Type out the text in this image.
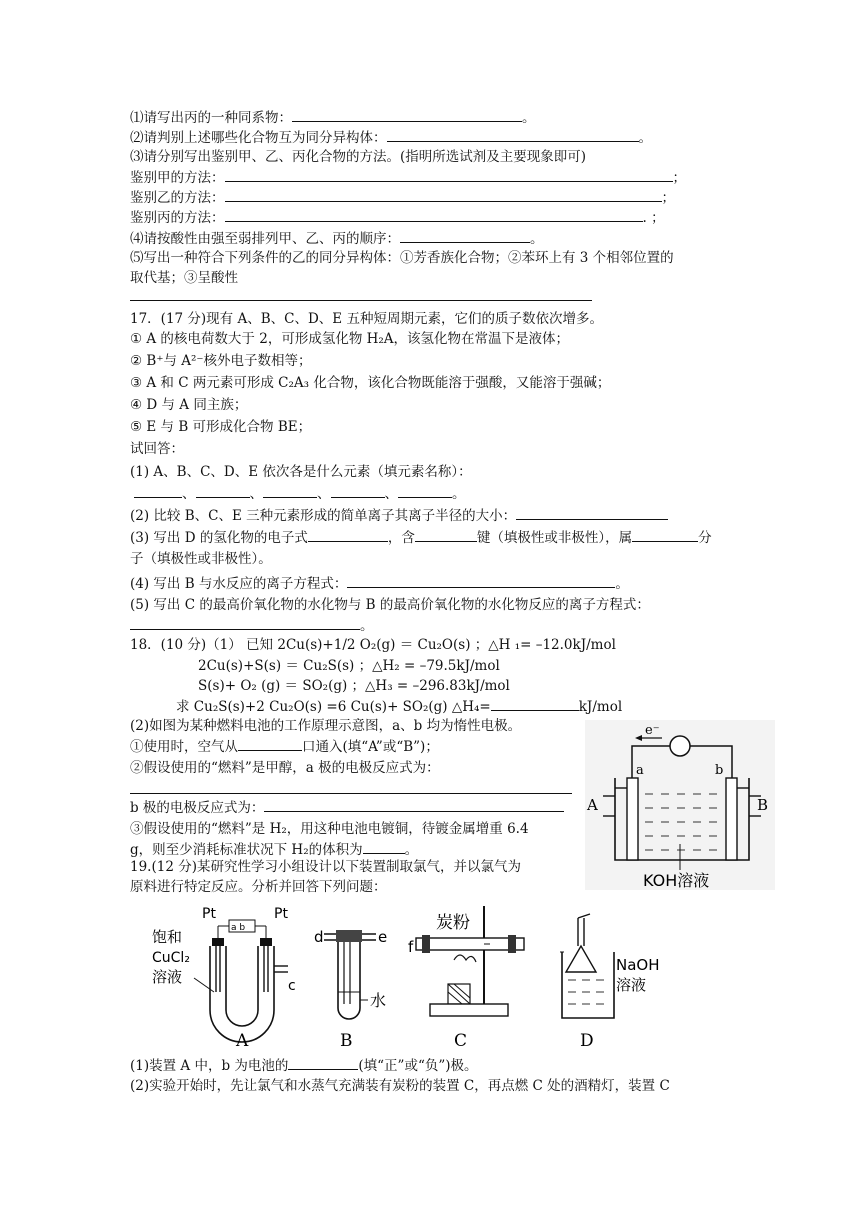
⑴请写出丙的一种同系物：	。
⑵请判别上述哪些化合物互为同分异构体：	。
⑶请分别写出鉴别甲、乙、丙化合物的方法。(指明所选试剂及主要现象即可)
鉴别甲的方法：	；
鉴别乙的方法：	；
鉴别丙的方法：	. ；
⑷请按酸性由强至弱排列甲、乙、丙的顺序：	。
⑸写出一种符合下列条件的乙的同分异构体：①芳香族化合物；②苯环上有 3 个相邻位置的
取代基；③呈酸性
17．(17 分)现有 A、B、C、D、E 五种短周期元素，它们的质子数依次增多。
① A 的核电荷数大于 2，可形成氢化物 H₂A，该氢化物在常温下是液体；
② B⁺与 A²⁻核外电子数相等；
③ A 和 C 两元素可形成 C₂A₃ 化合物，该化合物既能溶于强酸，又能溶于强碱；
④ D 与 A 同主族；
⑤ E 与 B 可形成化合物 BE；
试回答：
(1) A、B、C、D、E 依次各是什么元素（填元素名称）：
、	、	、	、	。
(2) 比较 B、C、E 三种元素形成的简单离子其离子半径的大小：
(3) 写出 D 的氢化物的电子式	，含	键（填极性或非极性），属	分
子（填极性或非极性）。
(4) 写出 B 与水反应的离子方程式：	。
(5) 写出 C 的最高价氧化物的水化物与 B 的最高价氧化物的水化物反应的离子方程式：
。
18．(10 分)（1） 已知 2Cu(s)+1/2 O₂(g) ＝ Cu₂O(s) ；△H ₁= –12.0kJ/mol
2Cu(s)+S(s) ＝ Cu₂S(s) ；△H₂ = –79.5kJ/mol
S(s)+ O₂ (g) ＝ SO₂(g) ；△H₃ = –296.83kJ/mol
求 Cu₂S(s)+2 Cu₂O(s) =6 Cu(s)+ SO₂(g) △H₄=	kJ/mol
(2)如图为某种燃料电池的工作原理示意图，a、b 均为惰性电极。
①使用时，空气从	口通入(填“A”或“B”)；
②假设使用的“燃料”是甲醇，a 极的电极反应式为：
b 极的电极反应式为：
③假设使用的“燃料”是 H₂，用这种电池电镀铜，待镀金属增重 6.4
g，则至少消耗标准状况下 H₂的体积为	。
e⁻
a	b
A	B
KOH溶液
19.(12 分)某研究性学习小组设计以下装置制取氯气，并以氯气为
原料进行特定反应。分析并回答下列问题：
饱和
CuCl₂
溶液
Pt	Pt
a b
c
A
d	e
水
B
炭粉
f
C
NaOH
溶液
D
(1)装置 A 中，b 为电池的	(填“正”或“负”)极。
(2)实验开始时，先让氯气和水蒸气充满装有炭粉的装置 C，再点燃 C 处的酒精灯，装置 C
